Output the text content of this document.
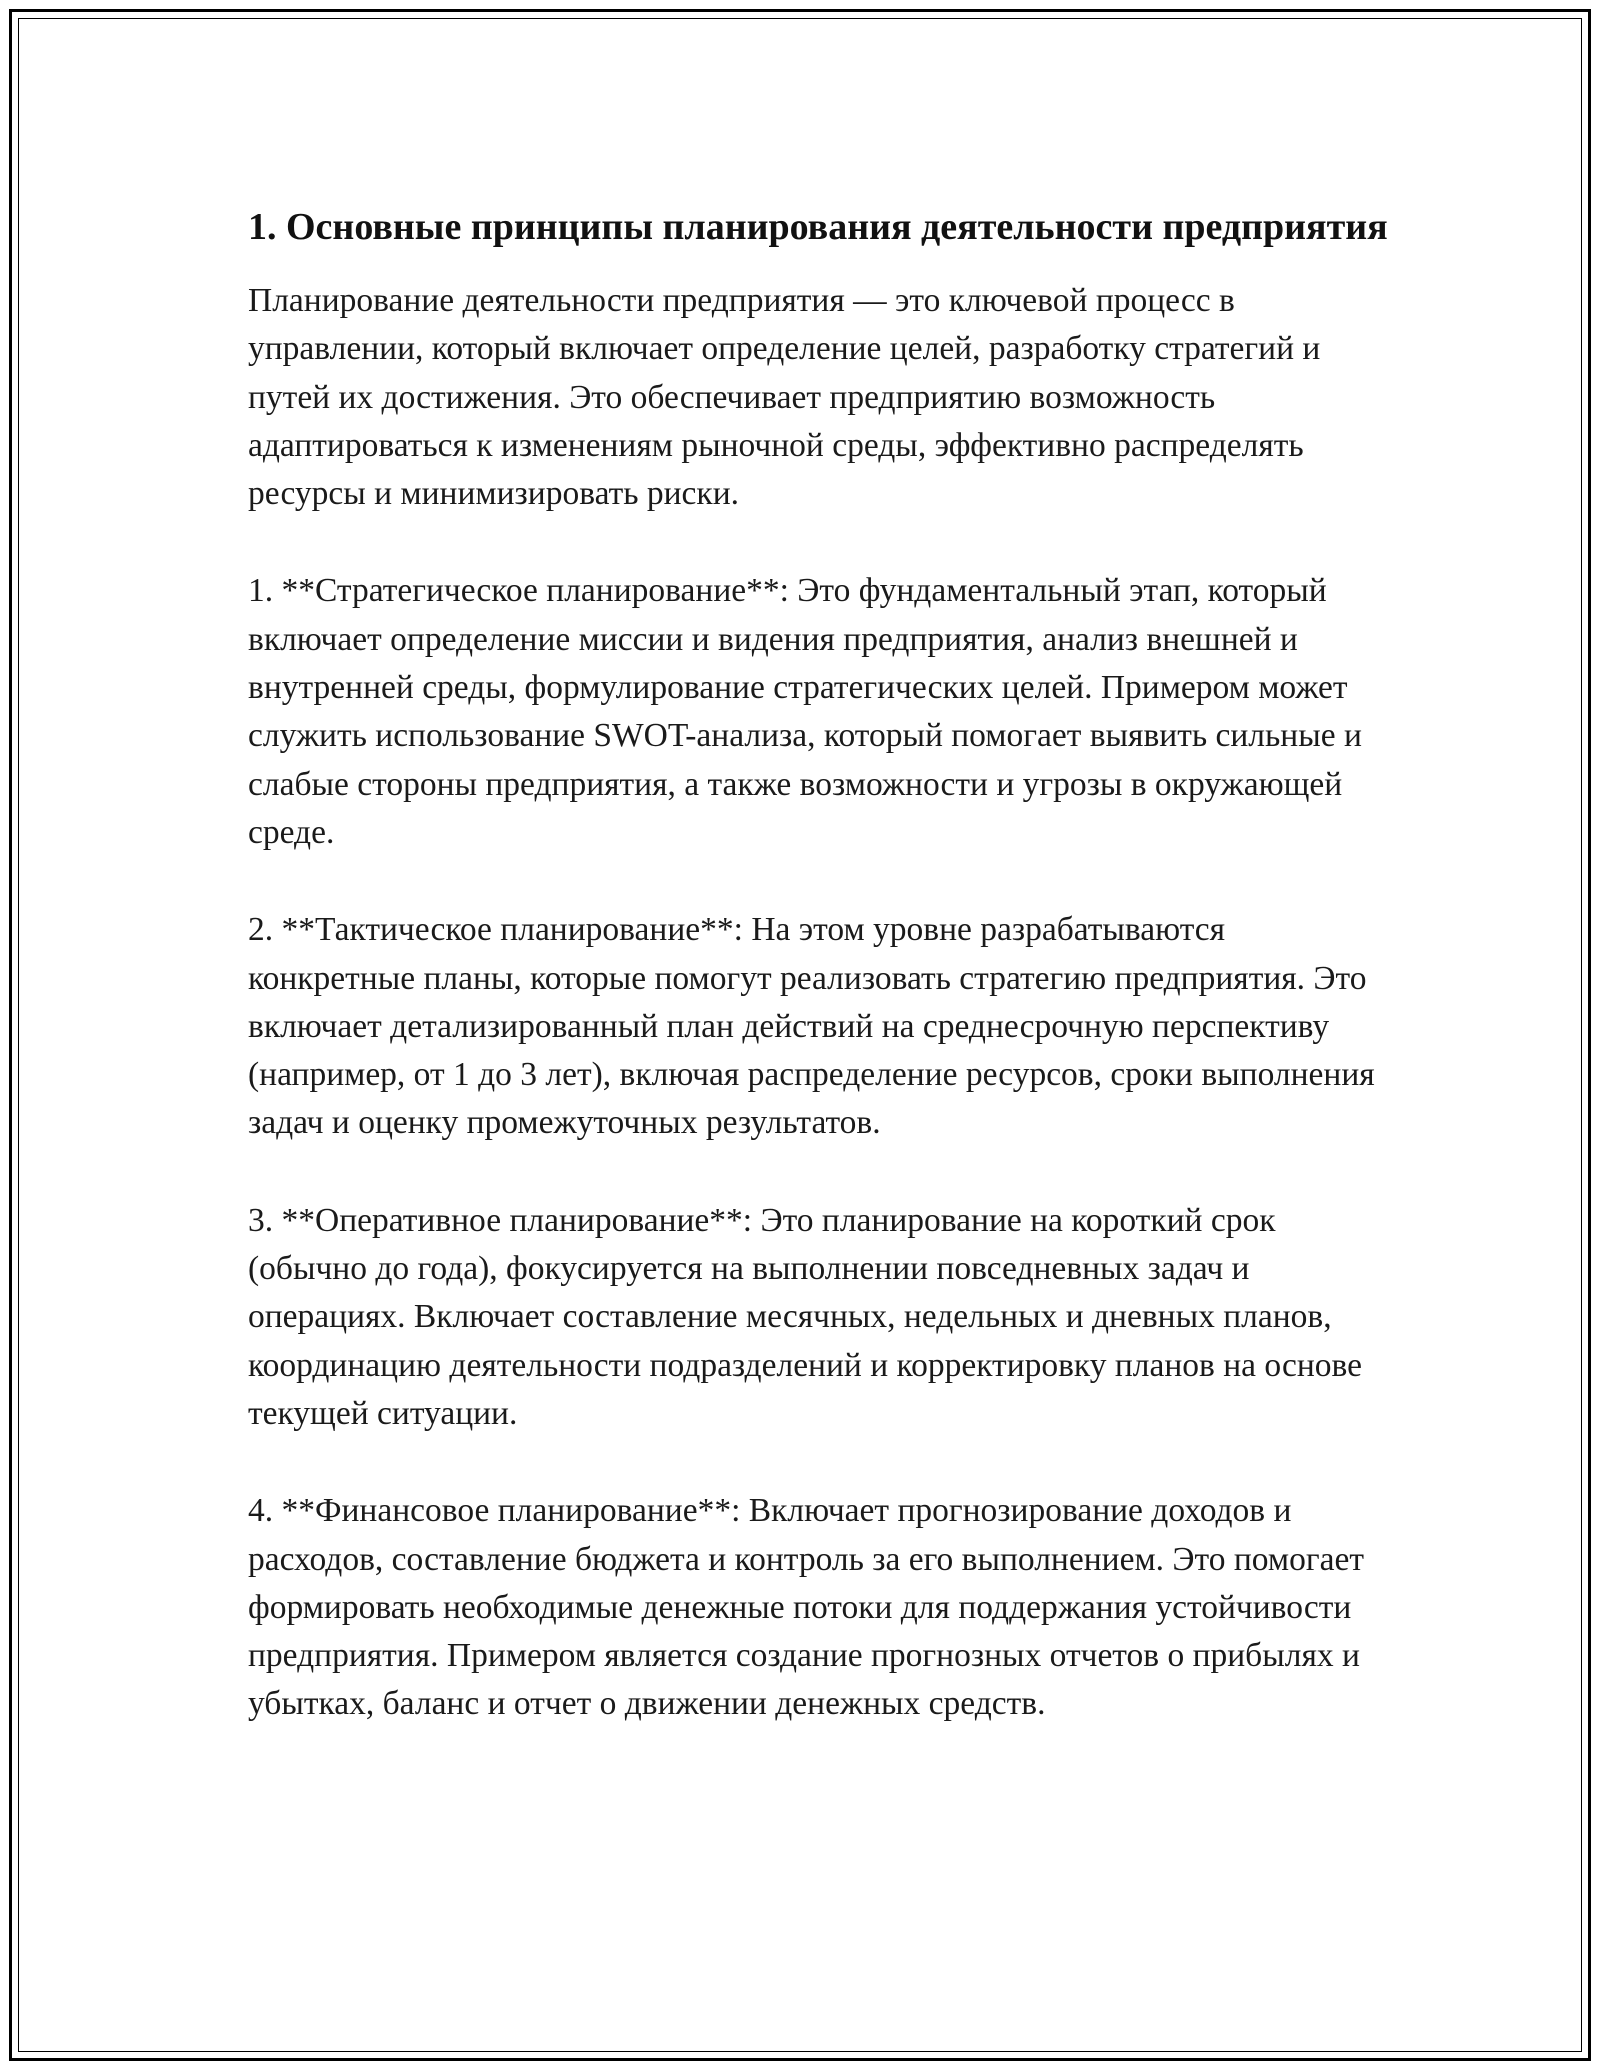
1. Основные принципы планирования деятельности предприятия

Планирование деятельности предприятия — это ключевой процесс в управлении, который включает определение целей, разработку стратегий и путей их достижения. Это обеспечивает предприятию возможность адаптироваться к изменениям рыночной среды, эффективно распределять ресурсы и минимизировать риски.

1. **Стратегическое планирование**: Это фундаментальный этап, который включает определение миссии и видения предприятия, анализ внешней и внутренней среды, формулирование стратегических целей. Примером может служить использование SWOT-анализа, который помогает выявить сильные и слабые стороны предприятия, а также возможности и угрозы в окружающей среде.

2. **Тактическое планирование**: На этом уровне разрабатываются конкретные планы, которые помогут реализовать стратегию предприятия. Это включает детализированный план действий на среднесрочную перспективу (например, от 1 до 3 лет), включая распределение ресурсов, сроки выполнения задач и оценку промежуточных результатов.

3. **Оперативное планирование**: Это планирование на короткий срок (обычно до года), фокусируется на выполнении повседневных задач и операциях. Включает составление месячных, недельных и дневных планов, координацию деятельности подразделений и корректировку планов на основе текущей ситуации.

4. **Финансовое планирование**: Включает прогнозирование доходов и расходов, составление бюджета и контроль за его выполнением. Это помогает формировать необходимые денежные потоки для поддержания устойчивости предприятия. Примером является создание прогнозных отчетов о прибылях и убытках, баланс и отчет о движении денежных средств.
